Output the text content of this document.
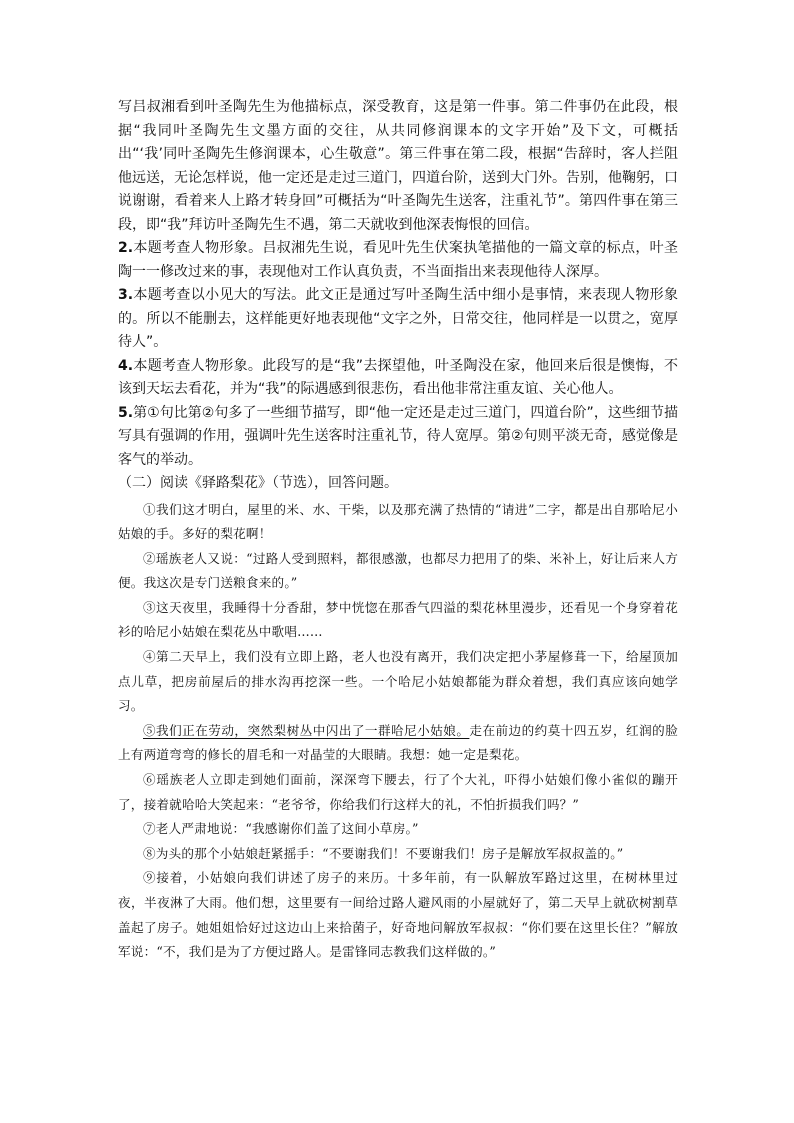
写吕叔湘看到叶圣陶先生为他描标点，深受教育，这是第一件事。第二件事仍在此段，根据“我同叶圣陶先生文墨方面的交往，从共同修润课本的文字开始”及下文，可概括出“‘我’同叶圣陶先生修润课本，心生敬意”。第三件事在第二段，根据“告辞时，客人拦阻他远送，无论怎样说，他一定还是走过三道门，四道台阶，送到大门外。告别，他鞠躬，口说谢谢，看着来人上路才转身回”可概括为“叶圣陶先生送客，注重礼节”。第四件事在第三段，即“我”拜访叶圣陶先生不遇，第二天就收到他深表悔恨的回信。

2.本题考查人物形象。吕叔湘先生说，看见叶先生伏案执笔描他的一篇文章的标点，叶圣陶一一修改过来的事，表现他对工作认真负责，不当面指出来表现他待人深厚。

3.本题考查以小见大的写法。此文正是通过写叶圣陶生活中细小是事情，来表现人物形象的。所以不能删去，这样能更好地表现他“文字之外，日常交往，他同样是一以贯之，宽厚待人”。

4.本题考查人物形象。此段写的是“我”去探望他，叶圣陶没在家，他回来后很是懊悔，不该到天坛去看花，并为“我”的际遇感到很悲伤，看出他非常注重友谊、关心他人。

5.第①句比第②句多了一些细节描写，即“他一定还是走过三道门，四道台阶”，这些细节描写具有强调的作用，强调叶先生送客时注重礼节，待人宽厚。第②句则平淡无奇，感觉像是客气的举动。

（二）阅读《驿路梨花》（节选），回答问题。

①我们这才明白，屋里的米、水、干柴，以及那充满了热情的“请进”二字，都是出自那哈尼小姑娘的手。多好的梨花啊！

②瑶族老人又说：“过路人受到照料，都很感激，也都尽力把用了的柴、米补上，好让后来人方便。我这次是专门送粮食来的。”

③这天夜里，我睡得十分香甜，梦中恍惚在那香气四溢的梨花林里漫步，还看见一个身穿着花衫的哈尼小姑娘在梨花丛中歌唱……

④第二天早上，我们没有立即上路，老人也没有离开，我们决定把小茅屋修葺一下，给屋顶加点儿草，把房前屋后的排水沟再挖深一些。一个哈尼小姑娘都能为群众着想，我们真应该向她学习。

⑤我们正在劳动，突然梨树丛中闪出了一群哈尼小姑娘。走在前边的约莫十四五岁，红润的脸上有两道弯弯的修长的眉毛和一对晶莹的大眼睛。我想：她一定是梨花。

⑥瑶族老人立即走到她们面前，深深弯下腰去，行了个大礼，吓得小姑娘们像小雀似的蹦开了，接着就哈哈大笑起来：“老爷爷，你给我们行这样大的礼，不怕折损我们吗？”

⑦老人严肃地说：“我感谢你们盖了这间小草房。”

⑧为头的那个小姑娘赶紧摇手：“不要谢我们！不要谢我们！房子是解放军叔叔盖的。”

⑨接着，小姑娘向我们讲述了房子的来历。十多年前，有一队解放军路过这里，在树林里过夜，半夜淋了大雨。他们想，这里要有一间给过路人避风雨的小屋就好了，第二天早上就砍树割草盖起了房子。她姐姐恰好过这边山上来拾菌子，好奇地问解放军叔叔：“你们要在这里长住？”解放军说：“不，我们是为了方便过路人。是雷锋同志教我们这样做的。”
